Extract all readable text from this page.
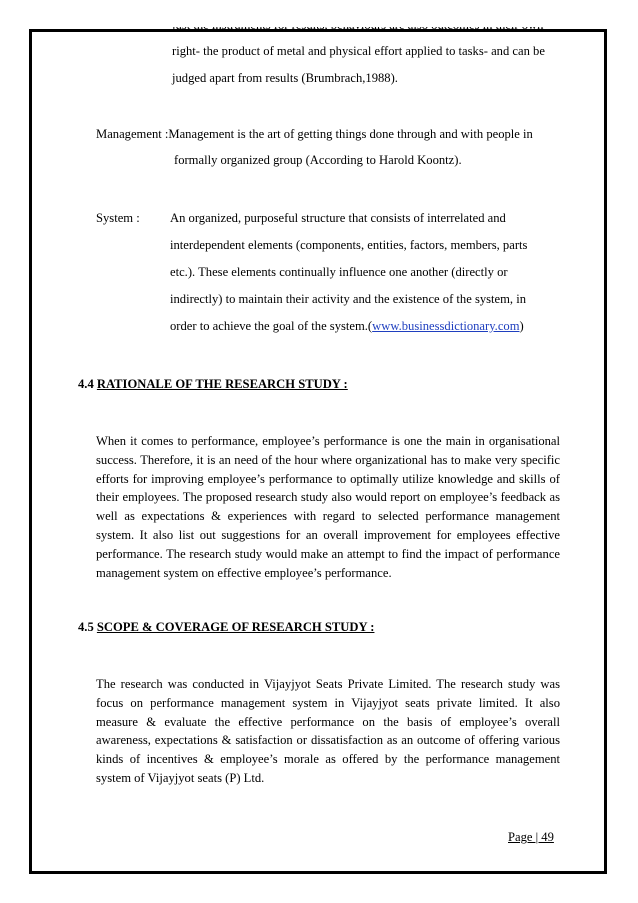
right- the product of metal and physical effort applied to tasks- and can be
judged apart from results (Brumbrach,1988).
Management :Management is the art of getting things done through and with people in
formally organized group (According to Harold Koontz).
System : An organized, purposeful structure that consists of interrelated and
interdependent elements (components, entities, factors, members, parts
etc.). These elements continually influence one another (directly or
indirectly) to maintain their activity and the existence of the system, in
order to achieve the goal of the system.(www.businessdictionary.com)
4.4 RATIONALE OF THE RESEARCH STUDY :
When it comes to performance, employee’s performance is one the main in organisational success. Therefore, it is an need of the hour where organizational has to make very specific efforts for improving employee’s performance to optimally utilize knowledge and skills of their employees. The proposed research study also would report on employee’s feedback as well as expectations & experiences with regard to selected performance management system. It also list out suggestions for an overall improvement for employees effective performance. The research study would make an attempt to find the impact of performance management system on effective employee’s performance.
4.5 SCOPE & COVERAGE OF RESEARCH STUDY :
The research was conducted in Vijayjyot Seats Private Limited. The research study was focus on performance management system in Vijayjyot seats private limited. It also measure & evaluate the effective performance on the basis of employee’s overall awareness, expectations & satisfaction or dissatisfaction as an outcome of offering various kinds of incentives & employee’s morale as offered by the performance management system of Vijayjyot seats (P) Ltd.
Page | 49
